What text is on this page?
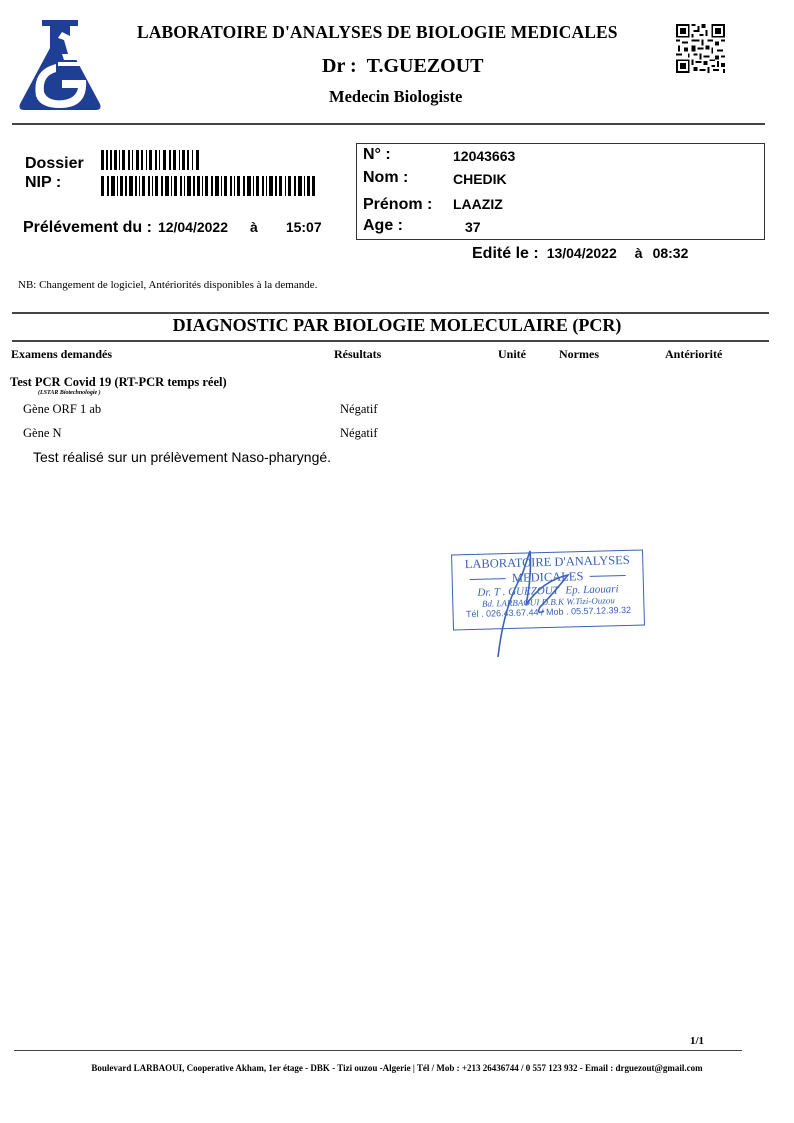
LABORATOIRE D'ANALYSES DE BIOLOGIE MEDICALES
Dr : T.GUEZOUT
Medecin Biologiste
Dossier
NIP :
Prélévement du : 12/04/2022 à 15:07
N° :	12043663
Nom :	CHEDIK
Prénom : LAAZIZ
Age :	37
Edité le : 13/04/2022 à 08:32
NB: Changement de logiciel, Antériorités disponibles à la demande.
DIAGNOSTIC PAR BIOLOGIE MOLECULAIRE (PCR)
Examens demandés	Résultats	Unité	Normes	Antériorité
Test PCR Covid 19 (RT-PCR temps réel)
(LSTAR Biotechnologie )
Gène ORF 1 ab	Négatif
Gène N	Négatif
Test réalisé sur un prélèvement Naso-pharyngé.
LABORATOIRE D'ANALYSES
MEDICALES
Dr. T . GUEZOUT Ep. Laouari
Bd. LARBAOUI D.B.K W.Tizi-Ouzou
Tél . 026.43.67.44 / Mob . 05.57.12.39.32
1/1
Boulevard LARBAOUI, Cooperative Akham, 1er étage - DBK - Tizi ouzou -Algerie | Tél / Mob : +213 26436744 / 0 557 123 932 - Email : drguezout@gmail.com
